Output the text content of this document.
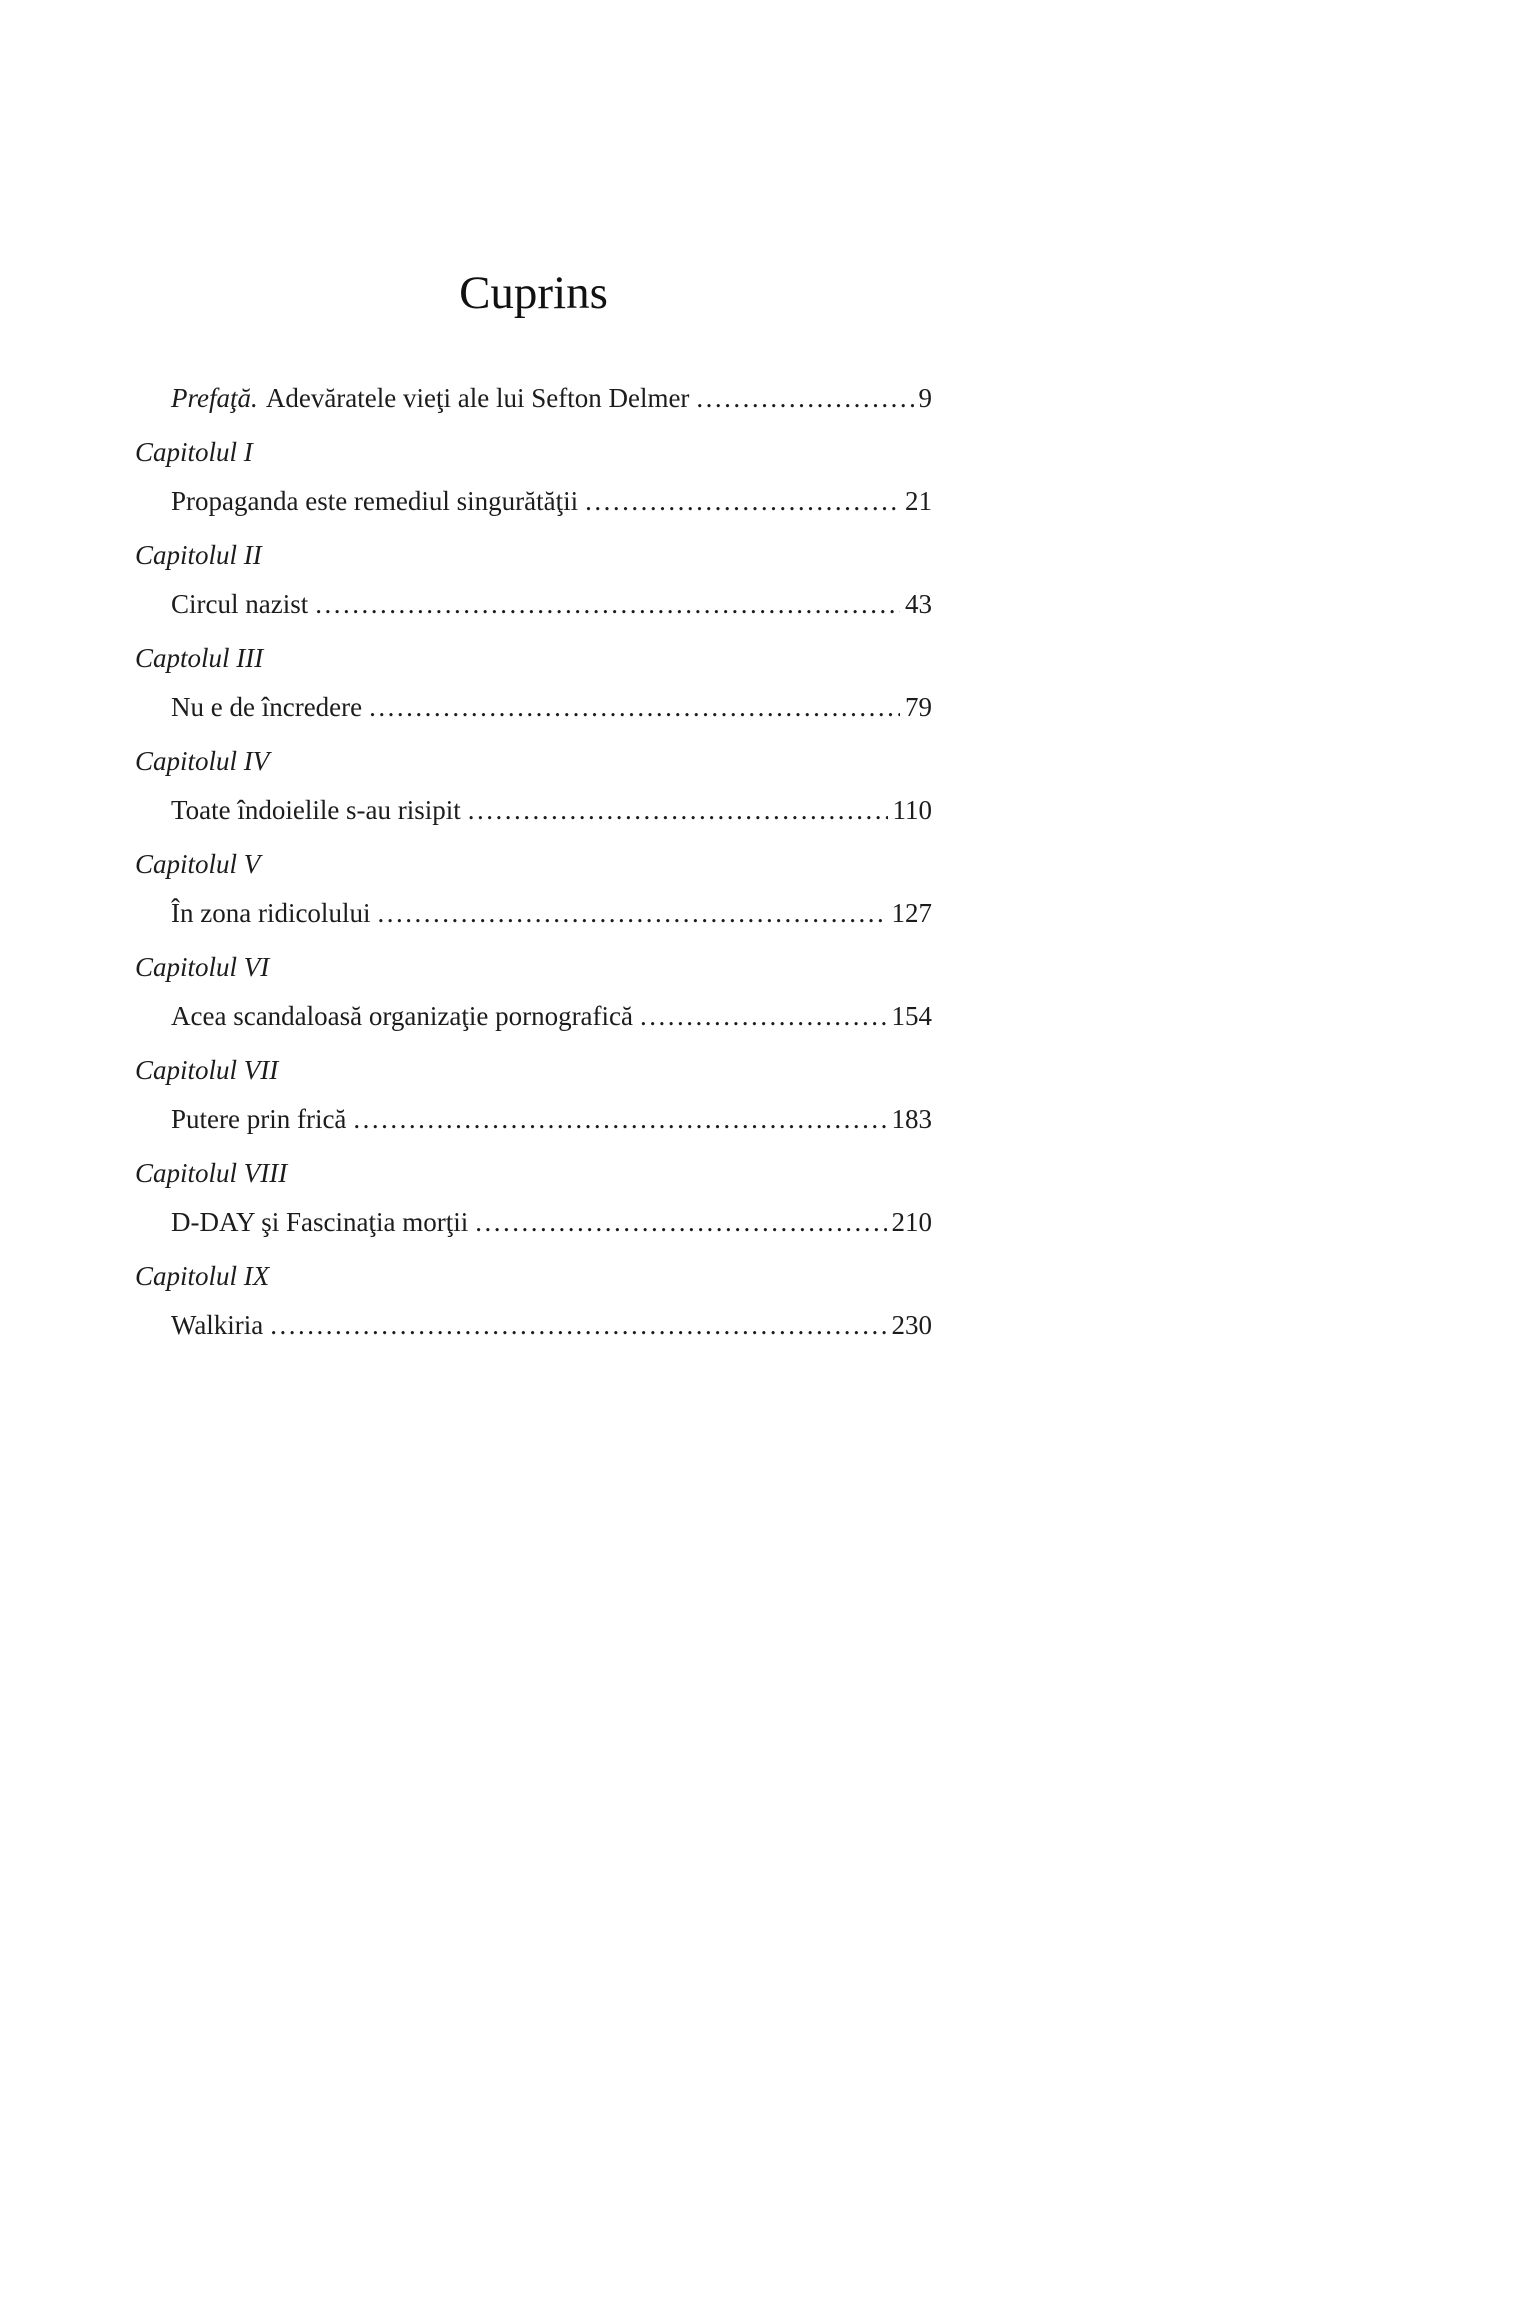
Cuprins
Prefaţă. Adevăratele vieţi ale lui Sefton Delmer .....	9
Capitolul I
Propaganda este remediul singurătăţii .....	21
Capitolul II
Circul nazist .....	43
Captolul III
Nu e de încredere .....	79
Capitolul IV
Toate îndoielile s-au risipit .....	110
Capitolul V
În zona ridicolului .....	127
Capitolul VI
Acea scandaloasă organizaţie pornografică .....	154
Capitolul VII
Putere prin frică .....	183
Capitolul VIII
D-DAY şi Fascinaţia morţii .....	210
Capitolul IX
Walkiria .....	230
